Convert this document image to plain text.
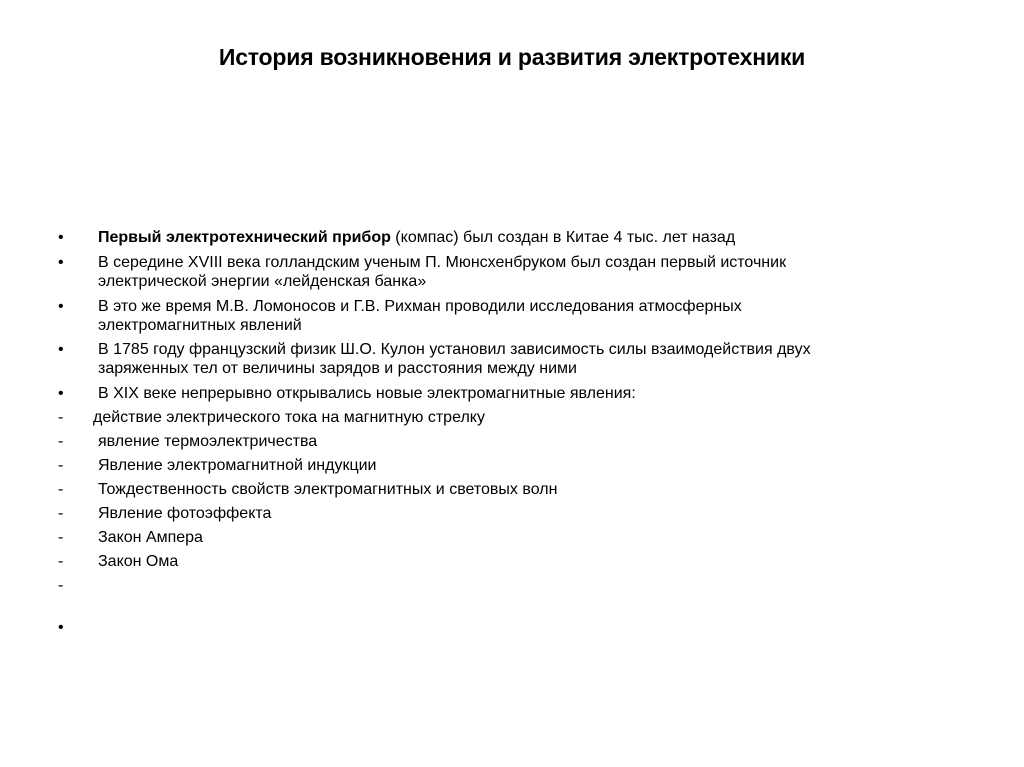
История возникновения и развития электротехники
• Первый электротехнический прибор (компас) был создан в Китае 4 тыс. лет назад
• В середине XVIII века голландским ученым П. Мюнсхенбруком был создан первый источник
электрической энергии «лейденская банка»
• В это же время М.В. Ломоносов и Г.В. Рихман проводили исследования атмосферных
электромагнитных явлений
• В 1785 году французский физик Ш.О. Кулон установил зависимость силы взаимодействия двух
заряженных тел от величины зарядов и расстояния между ними
• В XIX веке непрерывно открывались новые электромагнитные явления:
- действие электрического тока на магнитную стрелку
- явление термоэлектричества
- Явление электромагнитной индукции
- Тождественность свойств электромагнитных и световых волн
- Явление фотоэффекта
- Закон Ампера
- Закон Ома
-
•
